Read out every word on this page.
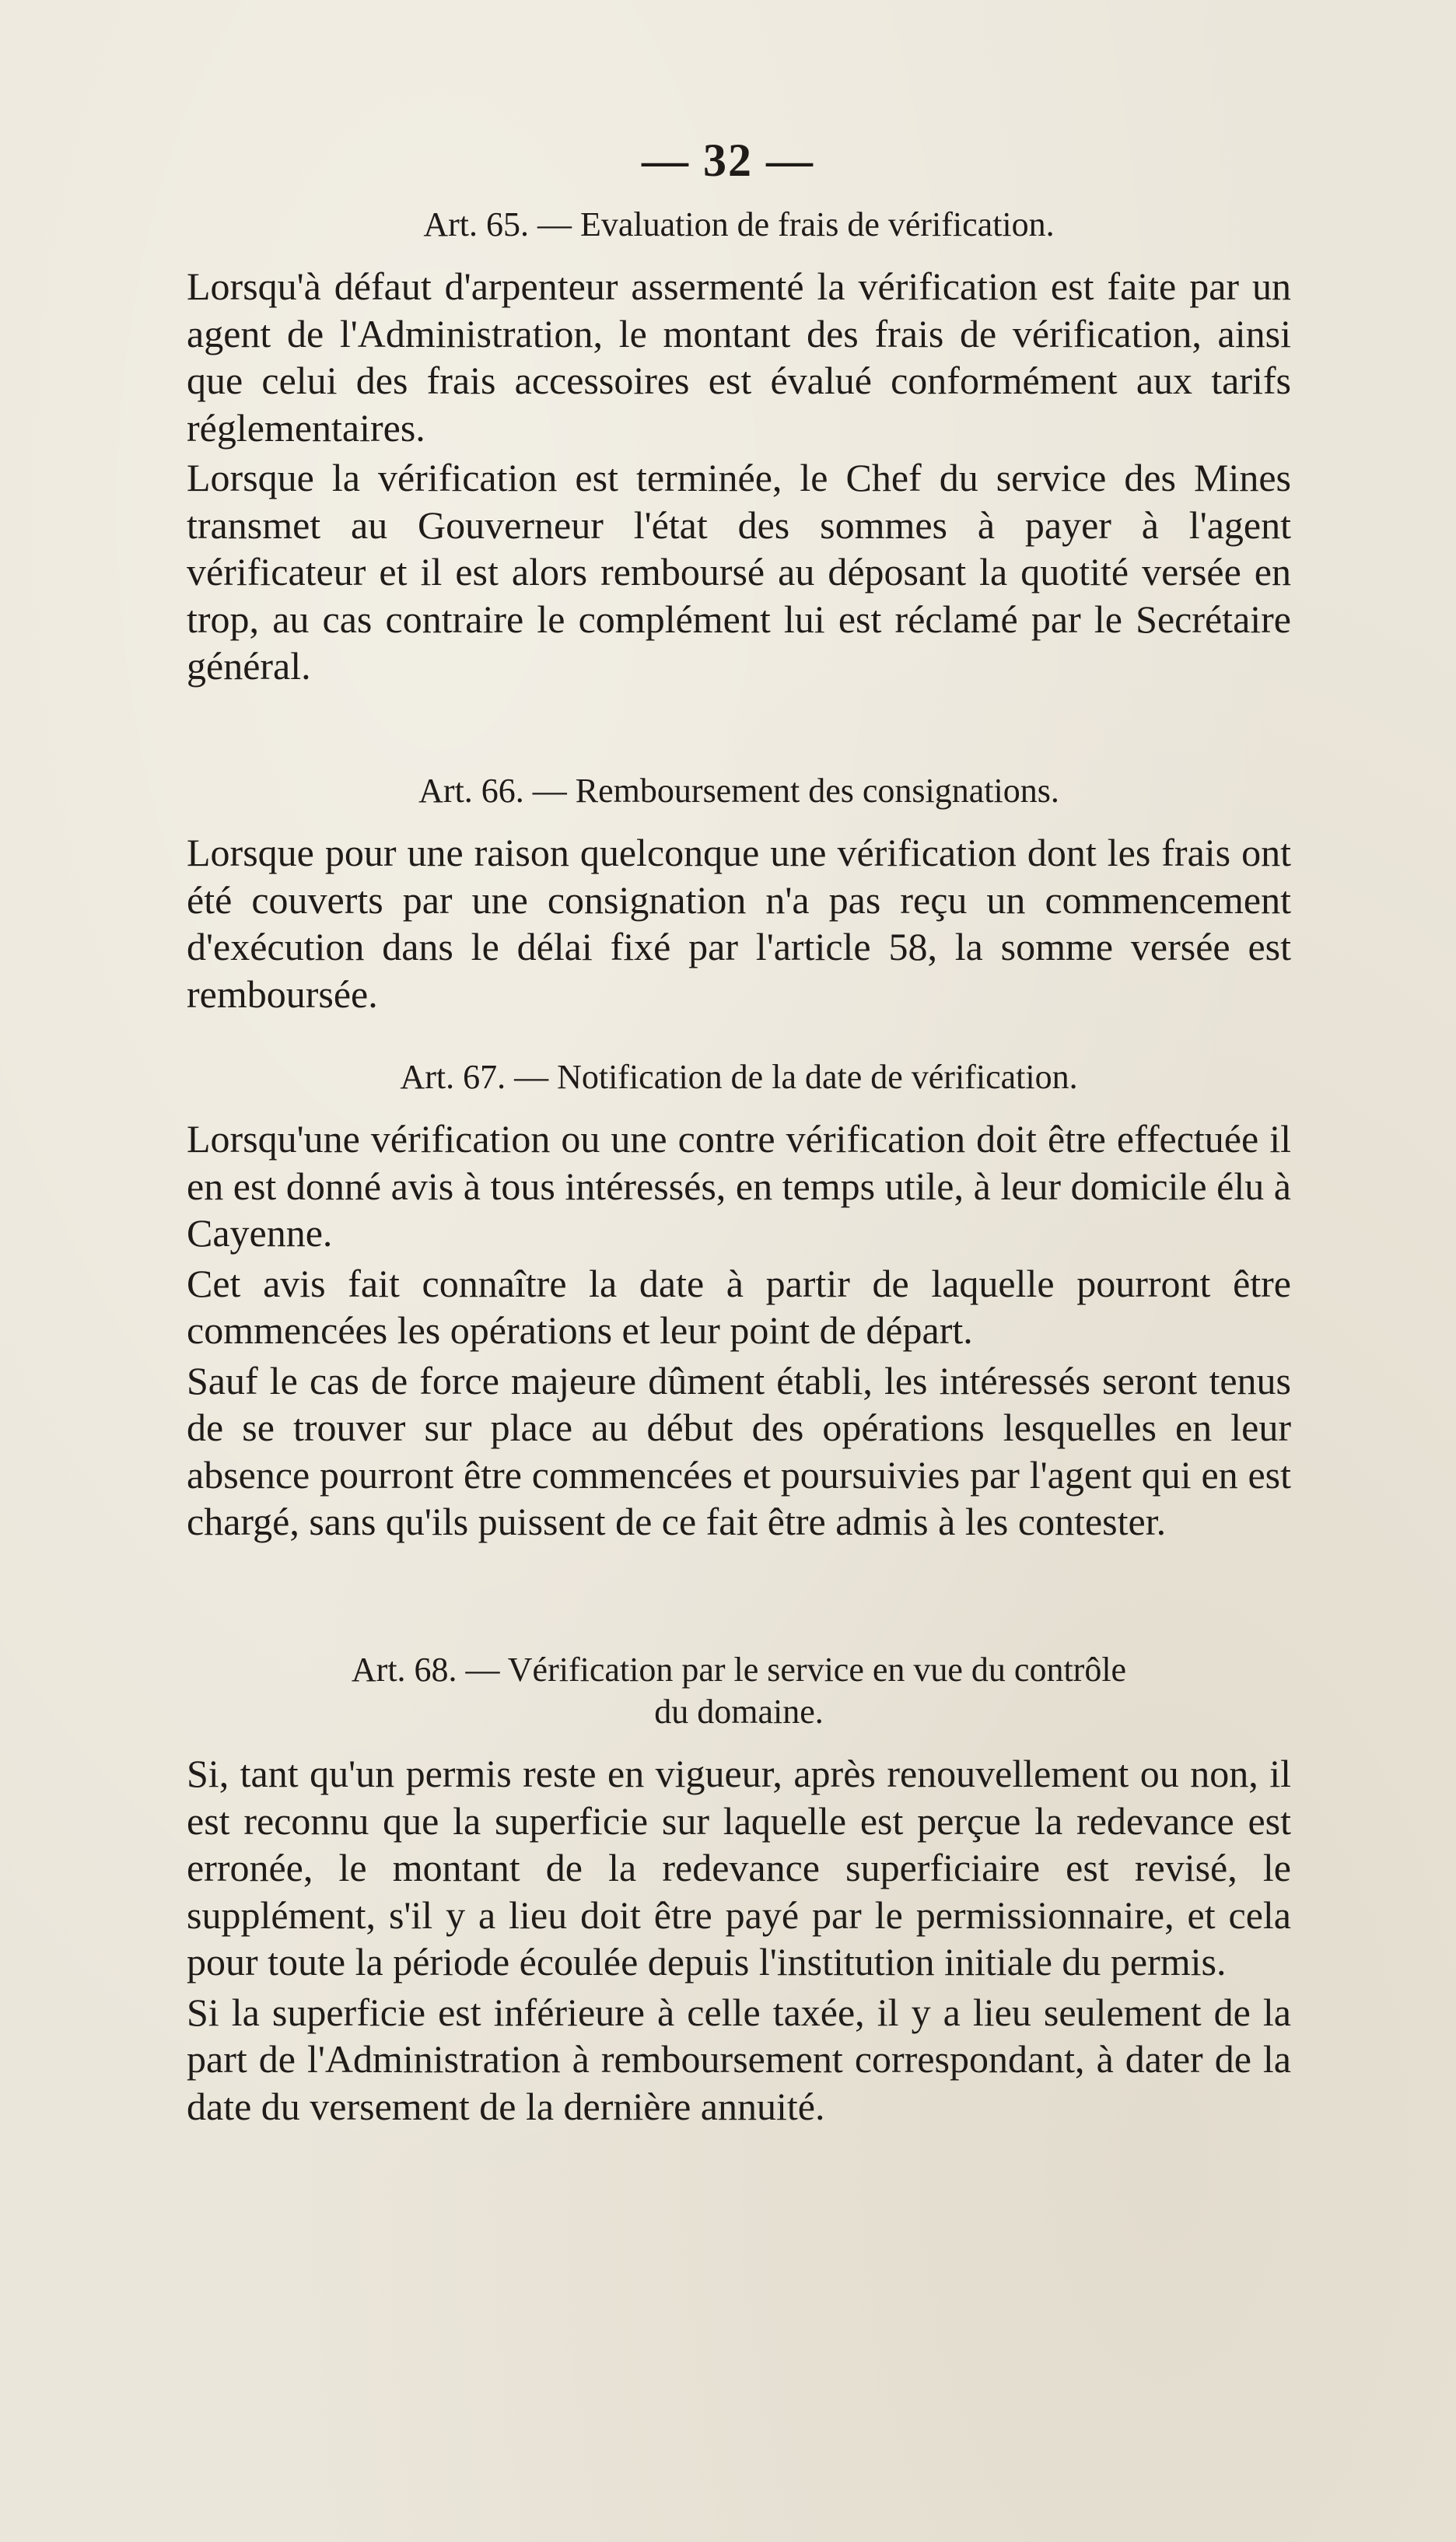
— 32 —

Art. 65. — Evaluation de frais de vérification.

Lorsqu'à défaut d'arpenteur assermenté la vérification est faite par un agent de l'Administration, le montant des frais de vérification, ainsi que celui des frais accessoires est évalué conformément aux tarifs réglementaires.

Lorsque la vérification est terminée, le Chef du service des Mines transmet au Gouverneur l'état des sommes à payer à l'agent vérificateur et il est alors remboursé au déposant la quotité versée en trop, au cas contraire le complément lui est réclamé par le Secrétaire général.

Art. 66. — Remboursement des consignations.

Lorsque pour une raison quelconque une vérification dont les frais ont été couverts par une consignation n'a pas reçu un commencement d'exécution dans le délai fixé par l'article 58, la somme versée est remboursée.

Art. 67. — Notification de la date de vérification.

Lorsqu'une vérification ou une contre vérification doit être effectuée il en est donné avis à tous intéressés, en temps utile, à leur domicile élu à Cayenne.

Cet avis fait connaître la date à partir de laquelle pourront être commencées les opérations et leur point de départ.

Sauf le cas de force majeure dûment établi, les intéressés seront tenus de se trouver sur place au début des opérations lesquelles en leur absence pourront être commencées et poursuivies par l'agent qui en est chargé, sans qu'ils puissent de ce fait être admis à les contester.

Art. 68. — Vérification par le service en vue du contrôle

du domaine.

Si, tant qu'un permis reste en vigueur, après renouvellement ou non, il est reconnu que la superficie sur laquelle est perçue la redevance est erronée, le montant de la redevance superficiaire est revisé, le supplément, s'il y a lieu doit être payé par le permissionnaire, et cela pour toute la période écoulée depuis l'institution initiale du permis.

Si la superficie est inférieure à celle taxée, il y a lieu seulement de la part de l'Administration à remboursement correspondant, à dater de la date du versement de la dernière annuité.
